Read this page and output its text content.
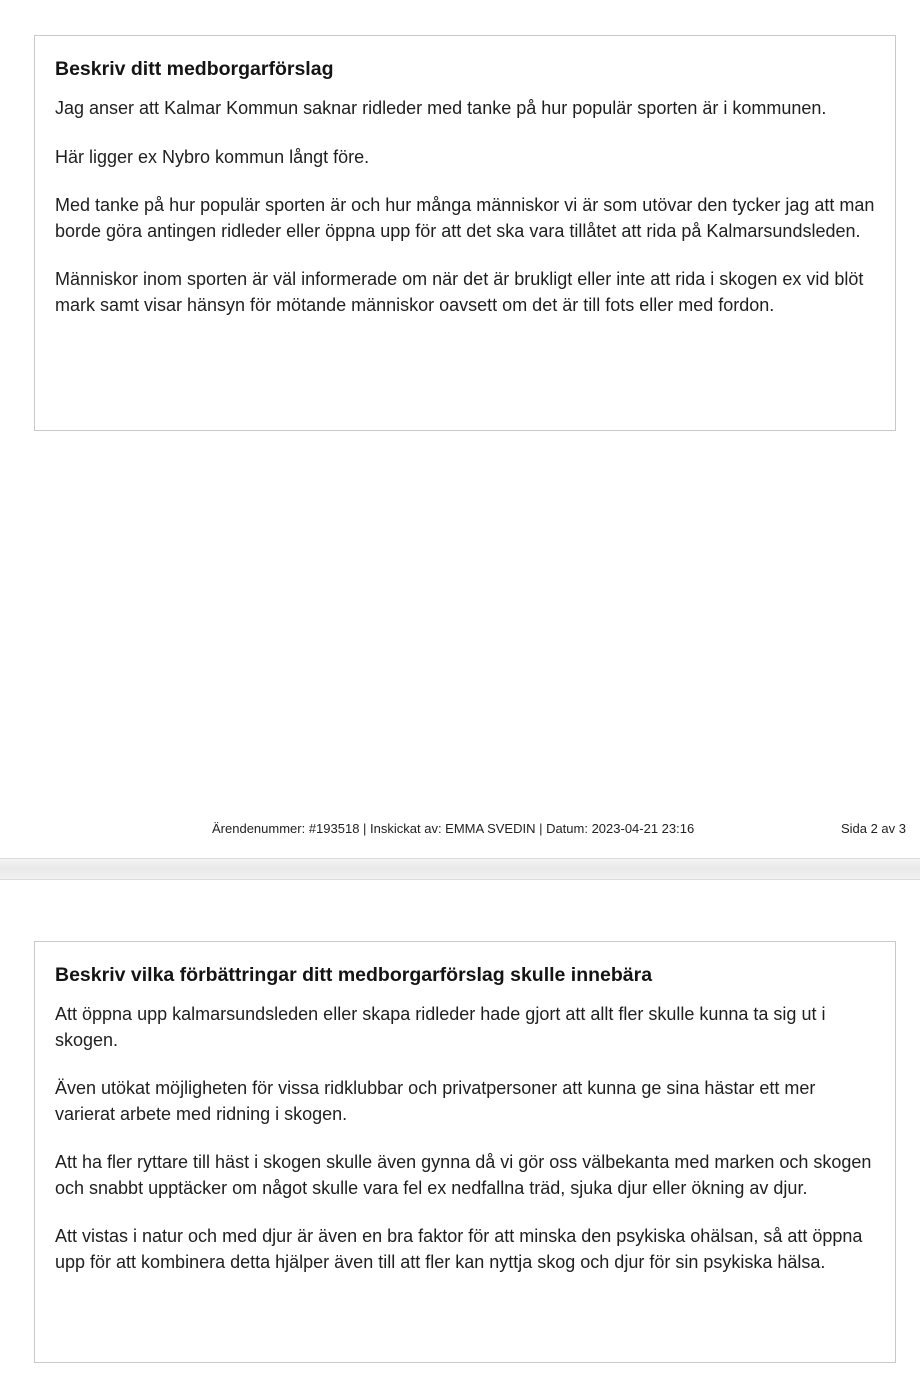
Beskriv ditt medborgarförslag

Jag anser att Kalmar Kommun saknar ridleder med tanke på hur populär sporten är i kommunen.

Här ligger ex Nybro kommun långt före.

Med tanke på hur populär sporten är och hur många människor vi är som utövar den tycker jag att man borde göra antingen ridleder eller öppna upp för att det ska vara tillåtet att rida på Kalmarsundsleden.

Människor inom sporten är väl informerade om när det är brukligt eller inte att rida i skogen ex vid blöt mark samt visar hänsyn för mötande människor oavsett om det är till fots eller med fordon.

Ärendenummer: #193518 | Inskickat av: EMMA SVEDIN | Datum: 2023-04-21 23:16	Sida 2 av 3
Beskriv vilka förbättringar ditt medborgarförslag skulle innebära

Att öppna upp kalmarsundsleden eller skapa ridleder hade gjort att allt fler skulle kunna ta sig ut i skogen.

Även utökat möjligheten för vissa ridklubbar och privatpersoner att kunna ge sina hästar ett mer varierat arbete med ridning i skogen.

Att ha fler ryttare till häst i skogen skulle även gynna då vi gör oss välbekanta med marken och skogen och snabbt upptäcker om något skulle vara fel ex nedfallna träd, sjuka djur eller ökning av djur.

Att vistas i natur och med djur är även en bra faktor för att minska den psykiska ohälsan, så att öppna upp för att kombinera detta hjälper även till att fler kan nyttja skog och djur för sin psykiska hälsa.
